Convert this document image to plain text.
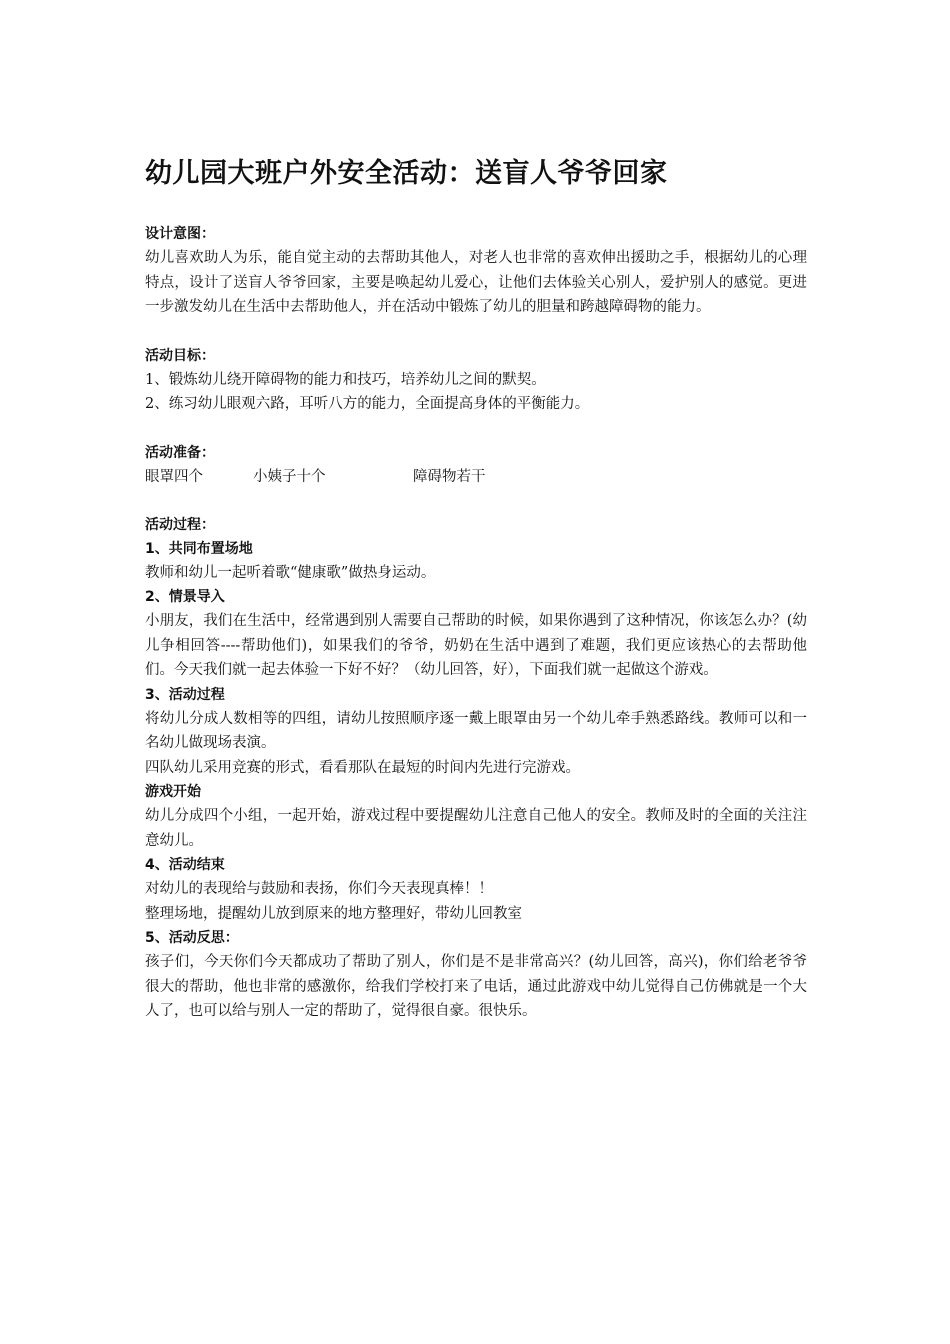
幼儿园大班户外安全活动：送盲人爷爷回家

设计意图：

幼儿喜欢助人为乐，能自觉主动的去帮助其他人，对老人也非常的喜欢伸出援助之手，根据幼儿的心理特点，设计了送盲人爷爷回家，主要是唤起幼儿爱心，让他们去体验关心别人，爱护别人的感觉。更进一步激发幼儿在生活中去帮助他人，并在活动中锻炼了幼儿的胆量和跨越障碍物的能力。

活动目标：

1、锻炼幼儿绕开障碍物的能力和技巧，培养幼儿之间的默契。

2、练习幼儿眼观六路，耳听八方的能力，全面提高身体的平衡能力。

活动准备：

眼罩四个	小姨子十个	障碍物若干

活动过程：

1、共同布置场地

教师和幼儿一起听着歌“健康歌”做热身运动。

2、情景导入

小朋友，我们在生活中，经常遇到别人需要自己帮助的时候，如果你遇到了这种情况，你该怎么办？(幼儿争相回答----帮助他们)，如果我们的爷爷，奶奶在生活中遇到了难题，我们更应该热心的去帮助他们。今天我们就一起去体验一下好不好？（幼儿回答，好），下面我们就一起做这个游戏。

3、活动过程

将幼儿分成人数相等的四组，请幼儿按照顺序逐一戴上眼罩由另一个幼儿牵手熟悉路线。教师可以和一名幼儿做现场表演。

四队幼儿采用竞赛的形式，看看那队在最短的时间内先进行完游戏。

游戏开始

幼儿分成四个小组，一起开始，游戏过程中要提醒幼儿注意自己他人的安全。教师及时的全面的关注注意幼儿。

4、活动结束

对幼儿的表现给与鼓励和表扬，你们今天表现真棒！！

整理场地，提醒幼儿放到原来的地方整理好，带幼儿回教室

5、活动反思：

孩子们，今天你们今天都成功了帮助了别人，你们是不是非常高兴？(幼儿回答，高兴)，你们给老爷爷很大的帮助，他也非常的感激你，给我们学校打来了电话，通过此游戏中幼儿觉得自己仿佛就是一个大人了，也可以给与别人一定的帮助了，觉得很自豪。很快乐。
